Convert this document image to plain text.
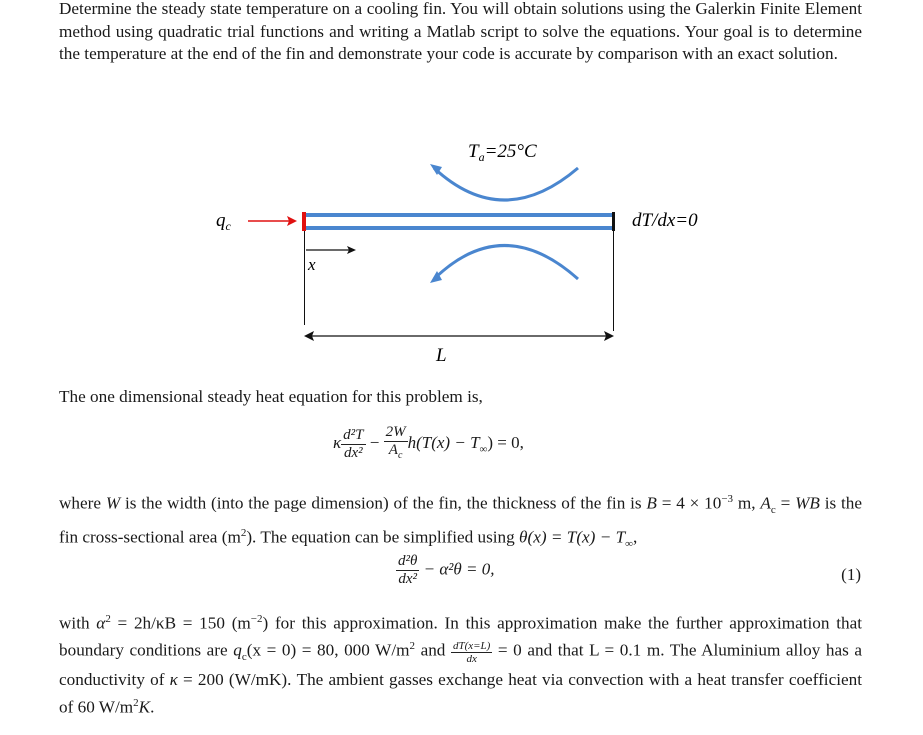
Determine the steady state temperature on a cooling fin. You will obtain solutions using the Galerkin Finite Element method using quadratic trial functions and writing a Matlab script to solve the equations. Your goal is to determine the temperature at the end of the fin and demonstrate your code is accurate by comparison with an exact solution.
$T_a=25^\circ C$
$q_c$	dT/dx=0
x
L
The one dimensional steady heat equation for this problem is,
κ $\frac{\text{d²T}}{\text{dx²}} - \frac{2W}{A_c} h(T(x) - T_\infty) = 0$,
where W is the width (into the page dimension) of the fin, the thickness of the fin is $B = 4 \times 10^{-3}$ m, $A_c$ = WB is the fin cross-sectional area $(m^2)$. The equation can be simplified using $\theta(x) = T(x) - T_\infty$,
$\frac{\text{d²θ}}{\text{dx²}} - \alpha^2\theta = 0$,	(1)
with $\alpha^2 = 2h/\kappa B = 150$ $(m^{-2})$ for this approximation. In this approximation make the further approximation that boundary conditions are $q_c(x = 0) = 80$, 000 $W/m^2$ and $\frac{dT(x=L)}{dx} = 0$ and that L = 0.1 m. The Aluminium alloy has a conductivity of κ = 200 (W/mK). The ambient gasses exchange heat via convection with a heat transfer coefficient of 60 $W/m^2K$.
